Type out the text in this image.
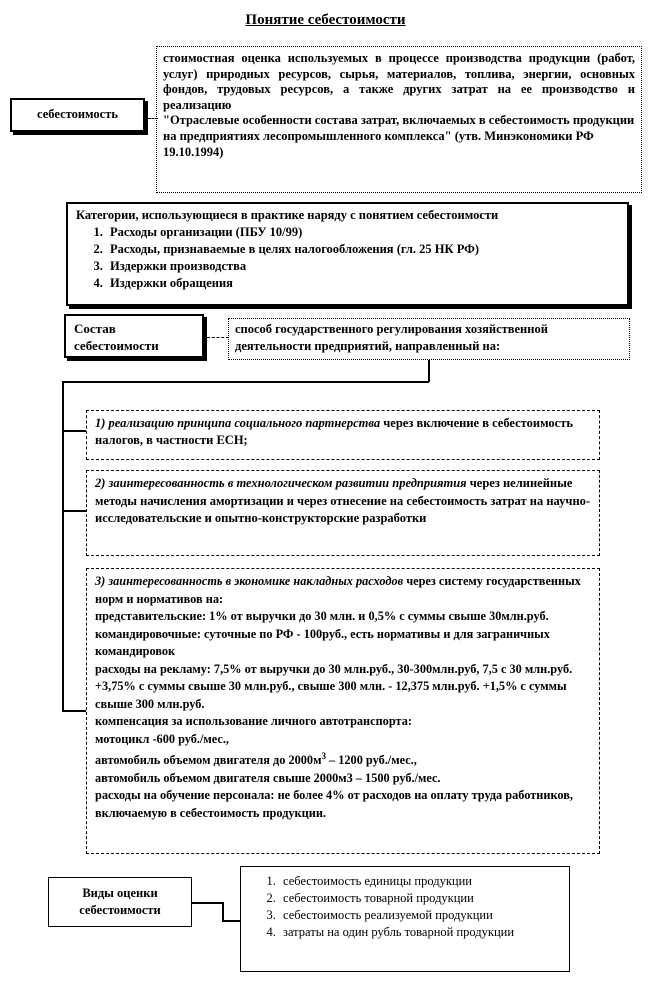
Понятие себестоимости
себестоимость

стоимостная оценка используемых в процессе производства продукции (работ, услуг) природных ресурсов, сырья, материалов, топлива, энергии, основных фондов, трудовых ресурсов, а также других затрат на ее производство и реализацию

"Отраслевые особенности состава затрат, включаемых в себестоимость продукции на предприятиях лесопромышленного комплекса" (утв. Минэкономики РФ 19.10.1994)

Категории, использующиеся в практике наряду с понятием себестоимости

1. Расходы организации (ПБУ 10/99)
2. Расходы, признаваемые в целях налогообложения (гл. 25 НК РФ)
3. Издержки производства
4. Издержки обращения
Состав себестоимости
способ государственного регулирования хозяйственной деятельности предприятий, направленный на:
1) реализацию принципа социального партнерства через включение в себестоимость налогов, в частности ЕСН;
2) заинтересованность в технологическом развитии предприятия через нелинейные методы начисления амортизации и через отнесение на себестоимость затрат на научно-исследовательские и опытно-конструкторские разработки

3) заинтересованность в экономике накладных расходов через систему государственных норм и нормативов на:

представительские: 1% от выручки до 30 млн. и 0,5% с суммы свыше 30млн.руб.

командировочные: суточные по РФ - 100руб., есть нормативы и для заграничных командировок

расходы на рекламу: 7,5% от выручки до 30 млн.руб., 30-300млн.руб, 7,5 с 30 млн.руб. +3,75% с суммы свыше 30 млн.руб., свыше 300 млн. - 12,375 млн.руб. +1,5% с суммы свыше 300 млн.руб.

компенсация за использование личного автотранспорта:

мотоцикл -600 руб./мес.,

автомобиль объемом двигателя до $2000м^3 - 1200$ руб./мес.,

автомобиль объемом двигателя свыше 2000м3 – 1500 руб./мес.

расходы на обучение персонала: не более 4% от расходов на оплату труда работников, включаемую в себестоимость продукции.

Виды оценки себестоимости
1. себестоимость единицы продукции
2. себестоимость товарной продукции
3. себестоимость реализуемой продукции
4. затраты на один рубль товарной продукции
